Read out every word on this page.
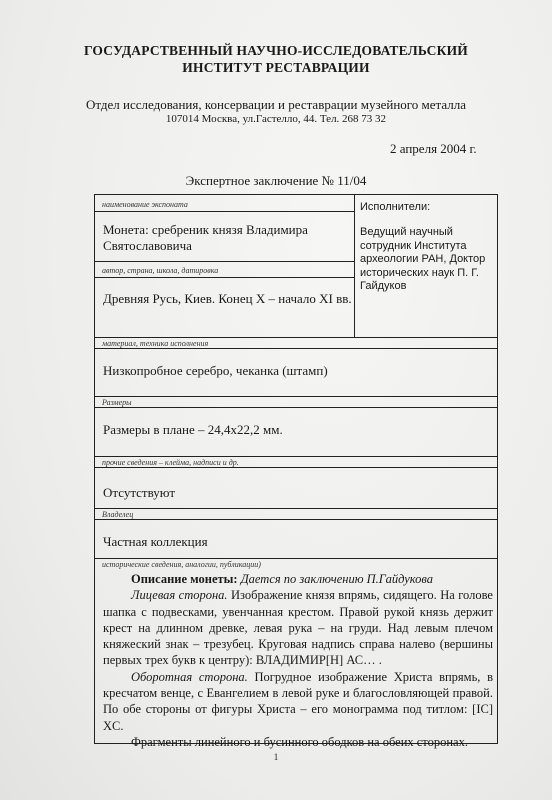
ГОСУДАРСТВЕННЫЙ НАУЧНО-ИССЛЕДОВАТЕЛЬСКИЙ
ИНСТИТУТ РЕСТАВРАЦИИ
Отдел исследования, консервации и реставрации музейного металла
107014 Москва, ул.Гастелло, 44. Тел. 268 73 32
2 апреля 2004 г.
Экспертное заключение № 11/04
наименование экспоната
Монета: сребреник князя Владимира
Святославовича
автор, страна, школа, датировка
Древняя Русь, Киев. Конец X – начало XI вв.
Исполнители:
Ведущий научный сотрудник Института археологии РАН, Доктор исторических наук П. Г. Гайдуков
материал, техника исполнения
Низкопробное серебро, чеканка (штамп)
Размеры
Размеры в плане – 24,4х22,2 мм.
прочие сведения – клейма, надписи и др.
Отсутствуют
Владелец
Частная коллекция
исторические сведения, аналогии, публикации)

Описание монеты: Дается по заключению П.Гайдукова

Лицевая сторона. Изображение князя впрямь, сидящего. На голове шапка с подвесками, увенчанная крестом. Правой рукой князь держит крест на длинном древке, левая рука – на груди. Над левым плечом княжеский знак – трезубец. Круговая надпись справа налево (вершины первых трех букв к центру): ВЛАДИМИР[Н] АС… .

Оборотная сторона. Погрудное изображение Христа впрямь, в кресчатом венце, с Евангелием в левой руке и благословляющей правой. По обе стороны от фигуры Христа – его монограмма под титлом: [IC] XC.

Фрагменты линейного и бусинного ободков на обеих сторонах.

1
